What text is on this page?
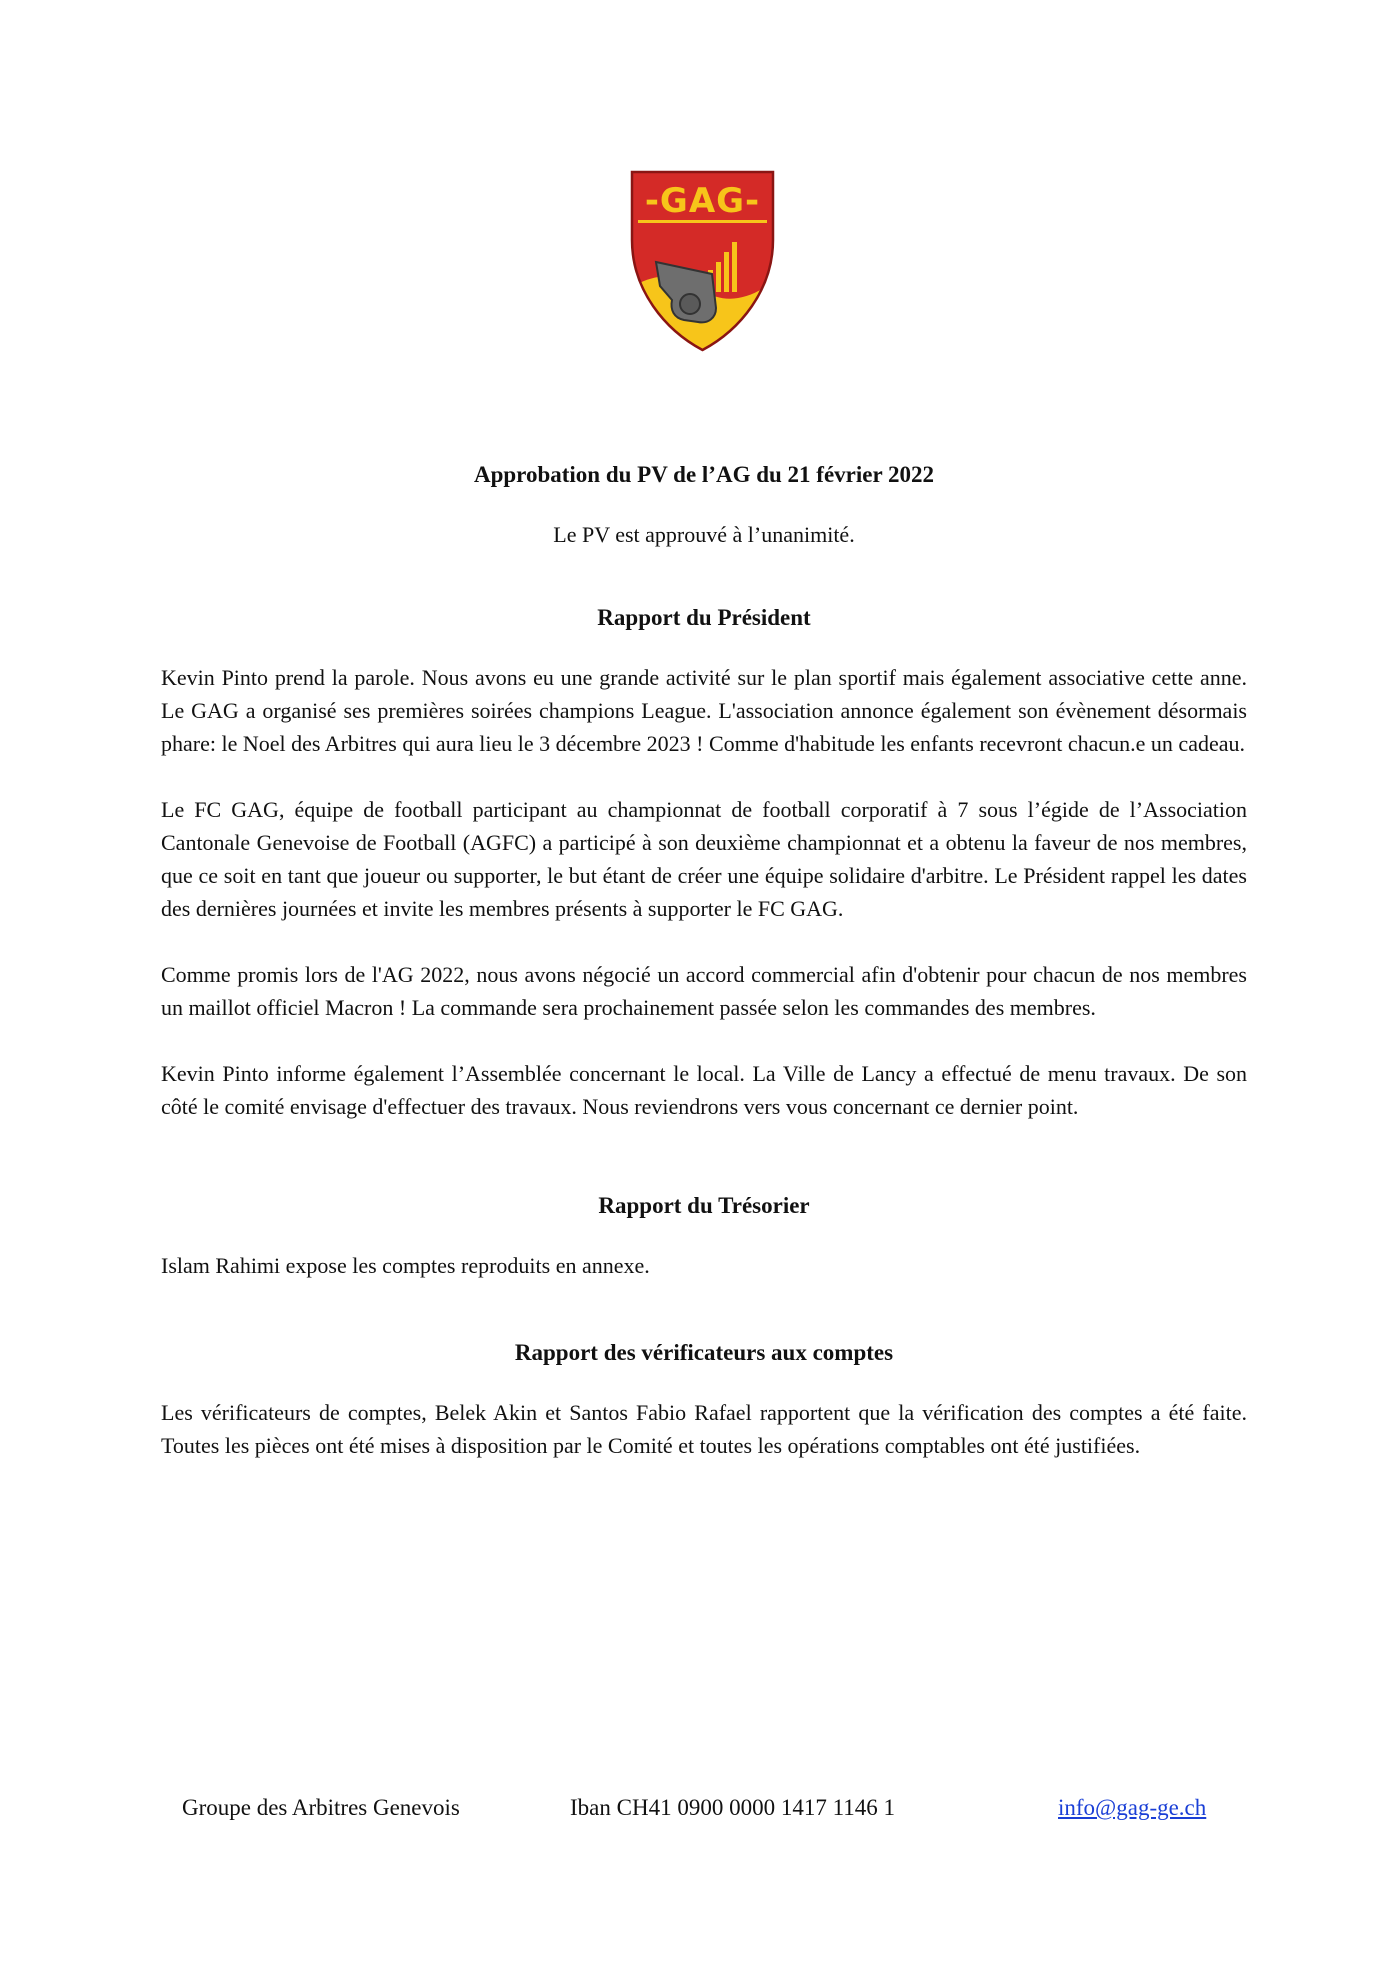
-GAG-
Approbation du PV de l’AG du 21 février 2022

Le PV est approuvé à l’unanimité.

Rapport du Président

Kevin Pinto prend la parole. Nous avons eu une grande activité sur le plan sportif mais également associative cette anne. Le GAG a organisé ses premières soirées champions League. L'association annonce également son évènement désormais phare: le Noel des Arbitres qui aura lieu le 3 décembre 2023 ! Comme d'habitude les enfants recevront chacun.e un cadeau.

Le FC GAG, équipe de football participant au championnat de football corporatif à 7 sous l’égide de l’Association Cantonale Genevoise de Football (AGFC) a participé à son deuxième championnat et a obtenu la faveur de nos membres, que ce soit en tant que joueur ou supporter, le but étant de créer une équipe solidaire d'arbitre. Le Président rappel les dates des dernières journées et invite les membres présents à supporter le FC GAG.

Comme promis lors de l'AG 2022, nous avons négocié un accord commercial afin d'obtenir pour chacun de nos membres un maillot officiel Macron ! La commande sera prochainement passée selon les commandes des membres.

Kevin Pinto informe également l’Assemblée concernant le local. La Ville de Lancy a effectué de menu travaux. De son côté le comité envisage d'effectuer des travaux. Nous reviendrons vers vous concernant ce dernier point.

Rapport du Trésorier

Islam Rahimi expose les comptes reproduits en annexe.

Rapport des vérificateurs aux comptes

Les vérificateurs de comptes, Belek Akin et Santos Fabio Rafael rapportent que la vérification des comptes a été faite. Toutes les pièces ont été mises à disposition par le Comité et toutes les opérations comptables ont été justifiées.

Groupe des Arbitres Genevois	Iban CH41 0900 0000 1417 1146 1	info@gag-ge.ch
